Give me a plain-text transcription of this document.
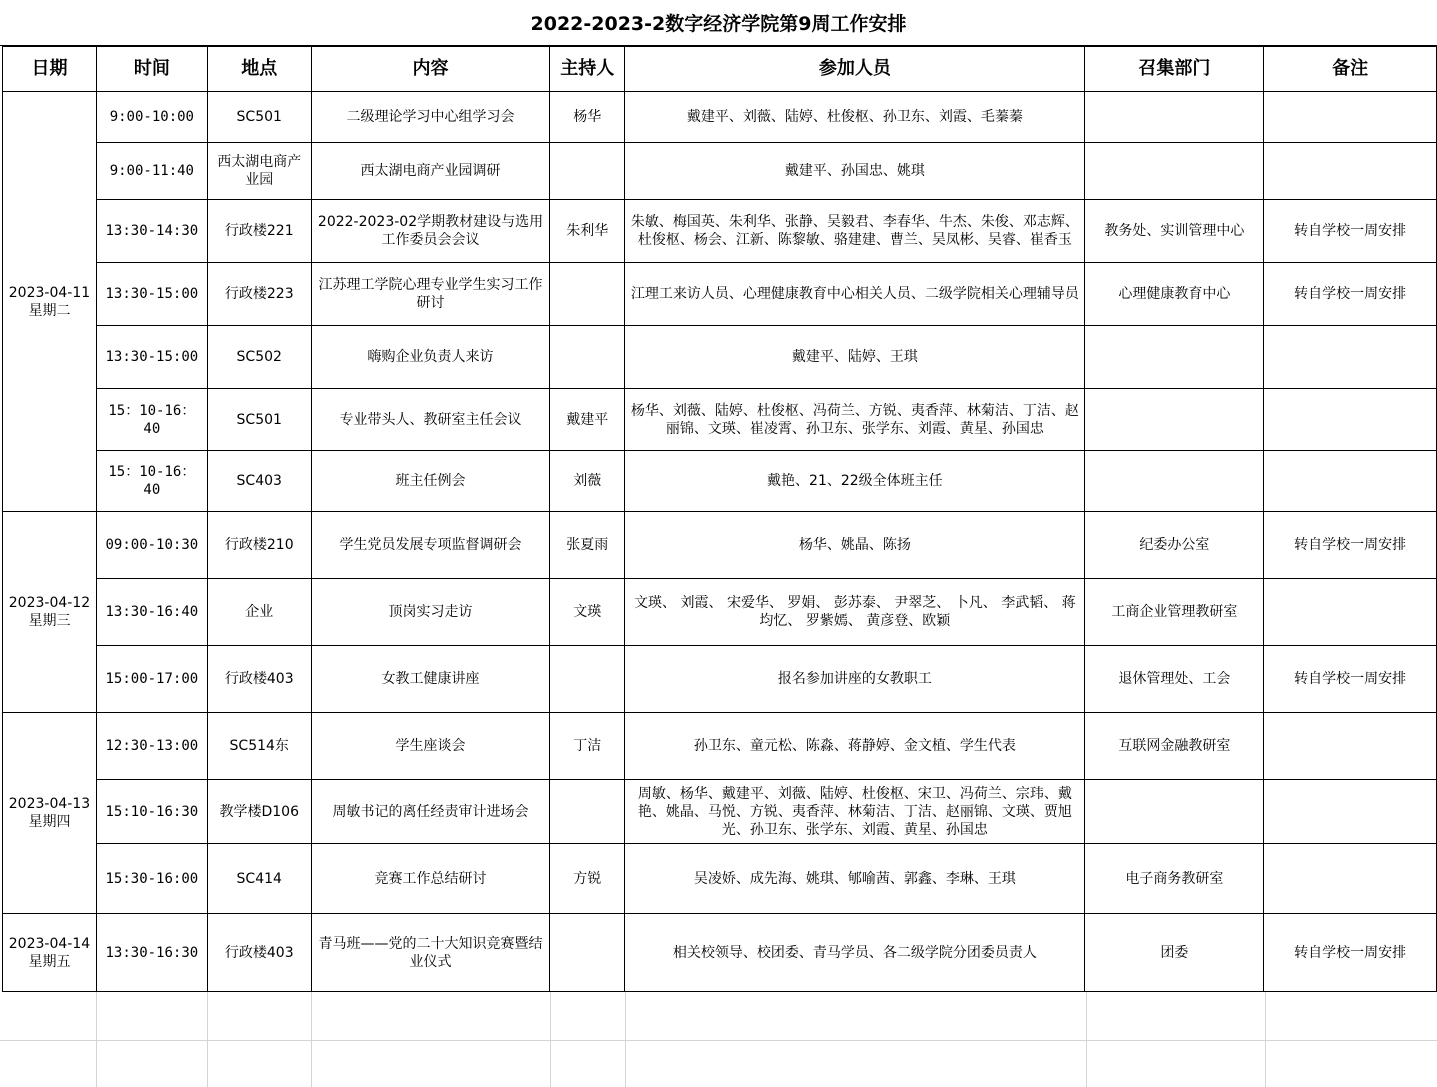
2022-2023-2数字经济学院第9周工作安排
日期	时间	地点	内容	主持人	参加人员	召集部门	备注

2023-04-11
星期二	9:00-10:00	SC501	二级理论学习中心组学习会	杨华	戴建平、刘薇、陆婷、杜俊枢、孙卫东、刘霞、毛蓁蓁		
	9:00-11:40	西太湖电商产业园	西太湖电商产业园调研		戴建平、孙国忠、姚琪		
	13:30-14:30	行政楼221	2022-2023-02学期教材建设与选用工作委员会会议	朱利华	朱敏、梅国英、朱利华、张静、吴毅君、李春华、牛杰、朱俊、邓志辉、杜俊枢、杨会、江新、陈黎敏、骆建建、曹兰、吴凤彬、吴睿、崔香玉	教务处、实训管理中心	转自学校一周安排
	13:30-15:00	行政楼223	江苏理工学院心理专业学生实习工作研讨		江理工来访人员、心理健康教育中心相关人员、二级学院相关心理辅导员	心理健康教育中心	转自学校一周安排
	13:30-15:00	SC502	嗨购企业负责人来访		戴建平、陆婷、王琪		
	15：10-16：40	SC501	专业带头人、教研室主任会议	戴建平	杨华、刘薇、陆婷、杜俊枢、冯荷兰、方锐、夷香萍、林菊洁、丁洁、赵丽锦、文瑛、崔凌霄、孙卫东、张学东、刘霞、黄星、孙国忠		
	15：10-16：40	SC403	班主任例会	刘薇	戴艳、21、22级全体班主任		

2023-04-12
星期三	09:00-10:30	行政楼210	学生党员发展专项监督调研会	张夏雨	杨华、姚晶、陈扬	纪委办公室	转自学校一周安排
	13:30-16:40	企业	顶岗实习走访	文瑛	文瑛、 刘霞、 宋爱华、 罗娟、 彭苏泰、 尹翠芝、 卜凡、 李武韬、 蒋均忆、 罗紫嫣、 黄彦登、欧颖	工商企业管理教研室	
	15:00-17:00	行政楼403	女教工健康讲座		报名参加讲座的女教职工	退休管理处、工会	转自学校一周安排

2023-04-13
星期四	12:30-13:00	SC514东	学生座谈会	丁洁	孙卫东、童元松、陈淼、蒋静婷、金文植、学生代表	互联网金融教研室	
	15:10-16:30	教学楼D106	周敏书记的离任经责审计进场会		周敏、杨华、戴建平、刘薇、陆婷、杜俊枢、宋卫、冯荷兰、宗玮、戴艳、姚晶、马悦、方锐、夷香萍、林菊洁、丁洁、赵丽锦、文瑛、贾旭光、孙卫东、张学东、刘霞、黄星、孙国忠		
	15:30-16:00	SC414	竞赛工作总结研讨	方锐	吴凌娇、成先海、姚琪、郇喻茜、郭鑫、李琳、王琪	电子商务教研室	

2023-04-14
星期五	13:30-16:30	行政楼403	青马班——党的二十大知识竞赛暨结业仪式		相关校领导、校团委、青马学员、各二级学院分团委员责人	团委	转自学校一周安排
